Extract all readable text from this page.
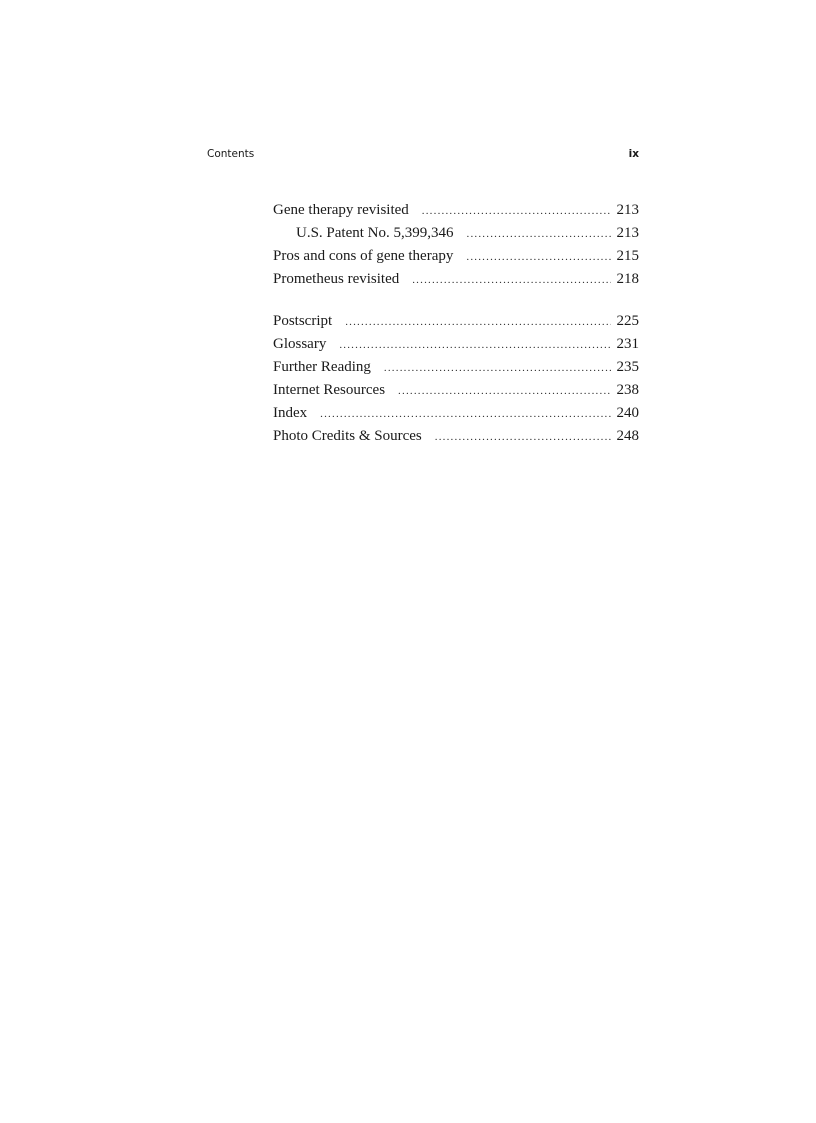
Contents	ix
Gene therapy revisited .....	213
U.S. Patent No. 5,399,346 .....	213
Pros and cons of gene therapy .....	215
Prometheus revisited .....	218
Postscript .....	225
Glossary .....	231
Further Reading .....	235
Internet Resources .....	238
Index .....	240
Photo Credits & Sources .....	248
